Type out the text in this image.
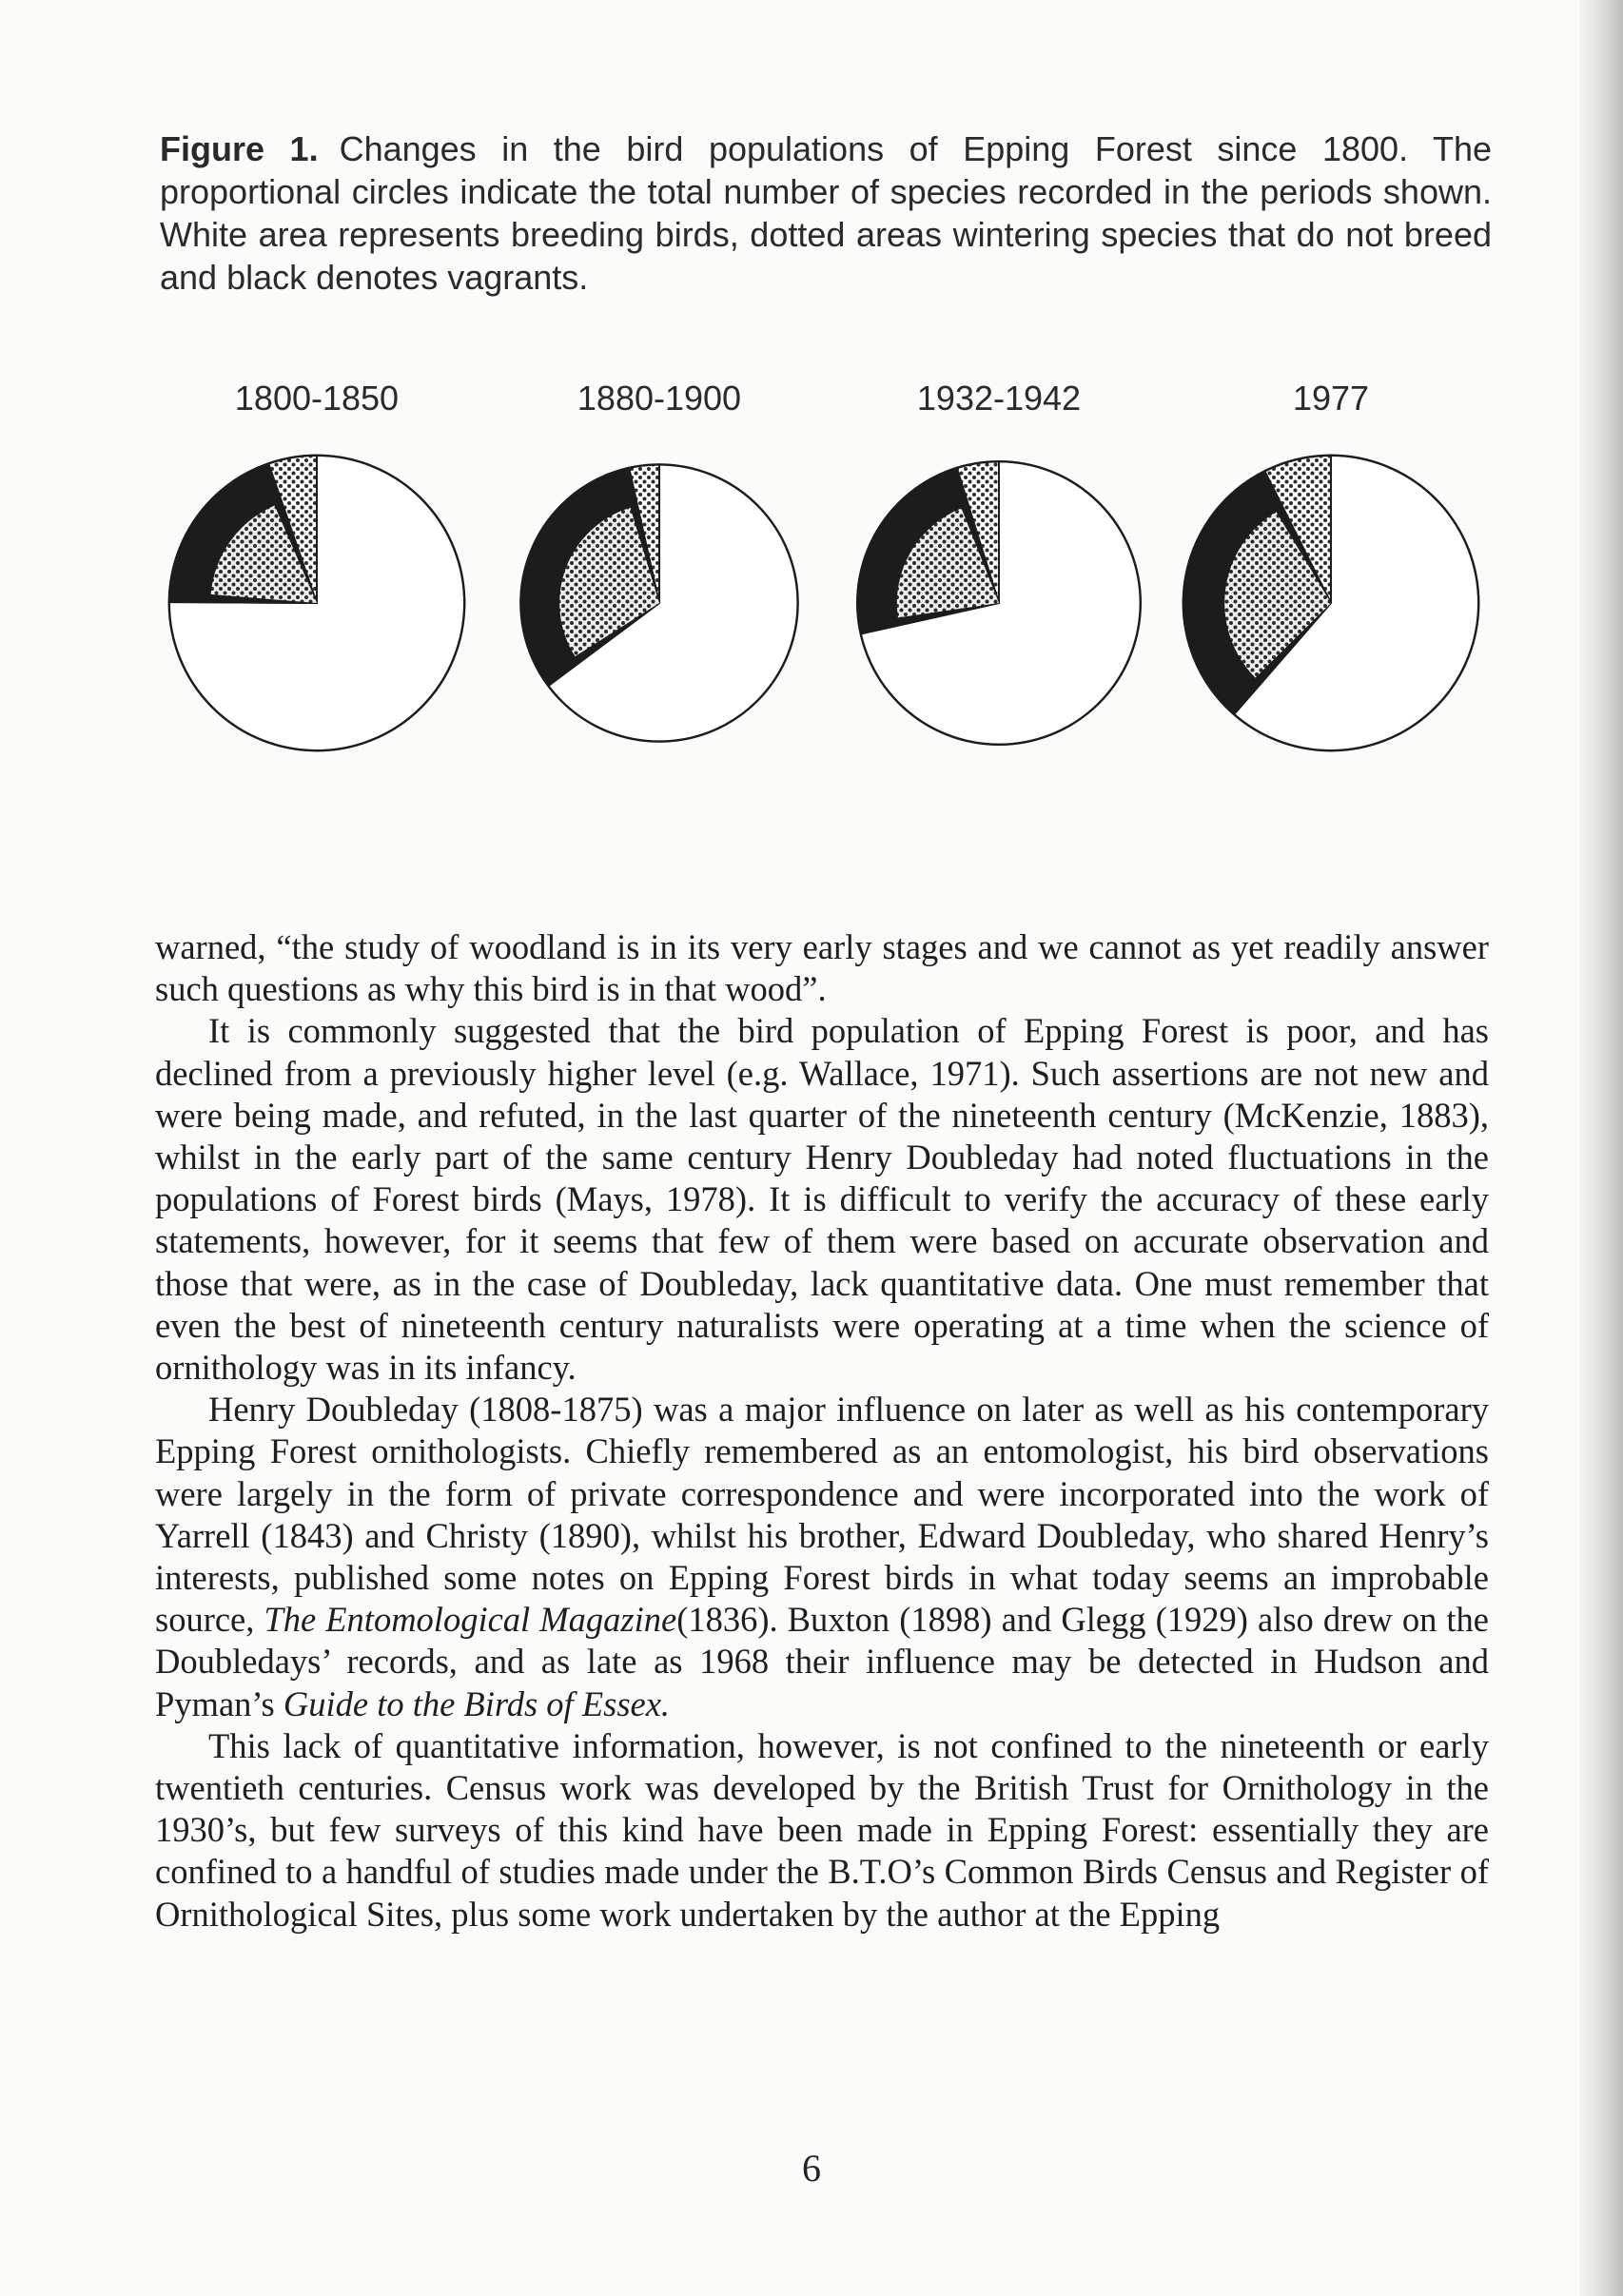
Figure 1. Changes in the bird populations of Epping Forest since 1800. The proportional circles indicate the total number of species recorded in the periods shown. White area represents breeding birds, dotted areas wintering species that do not breed and black denotes vagrants.
1800-1850	1880-1900	1932-1942	1977

warned, “the study of woodland is in its very early stages and we cannot as yet readily answer such questions as why this bird is in that wood”.

It is commonly suggested that the bird population of Epping Forest is poor, and has declined from a previously higher level (e.g. Wallace, 1971). Such assertions are not new and were being made, and refuted, in the last quarter of the nineteenth century (McKenzie, 1883), whilst in the early part of the same century Henry Doubleday had noted fluctuations in the populations of Forest birds (Mays, 1978). It is difficult to verify the accuracy of these early statements, however, for it seems that few of them were based on accurate observation and those that were, as in the case of Doubleday, lack quantitative data. One must remember that even the best of nineteenth century naturalists were operating at a time when the science of ornithology was in its infancy.

Henry Doubleday (1808-1875) was a major influence on later as well as his contemporary Epping Forest ornithologists. Chiefly remembered as an entomologist, his bird observations were largely in the form of private correspondence and were incorporated into the work of Yarrell (1843) and Christy (1890), whilst his brother, Edward Doubleday, who shared Henry’s interests, published some notes on Epping Forest birds in what today seems an improbable source, The Entomological Magazine(1836). Buxton (1898) and Glegg (1929) also drew on the Doubledays’ records, and as late as 1968 their influence may be detected in Hudson and Pyman’s Guide to the Birds of Essex.

This lack of quantitative information, however, is not confined to the nineteenth or early twentieth centuries. Census work was developed by the British Trust for Ornithology in the 1930’s, but few surveys of this kind have been made in Epping Forest: essentially they are confined to a handful of studies made under the B.T.O’s Common Birds Census and Register of Ornithological Sites, plus some work undertaken by the author at the Epping

6
